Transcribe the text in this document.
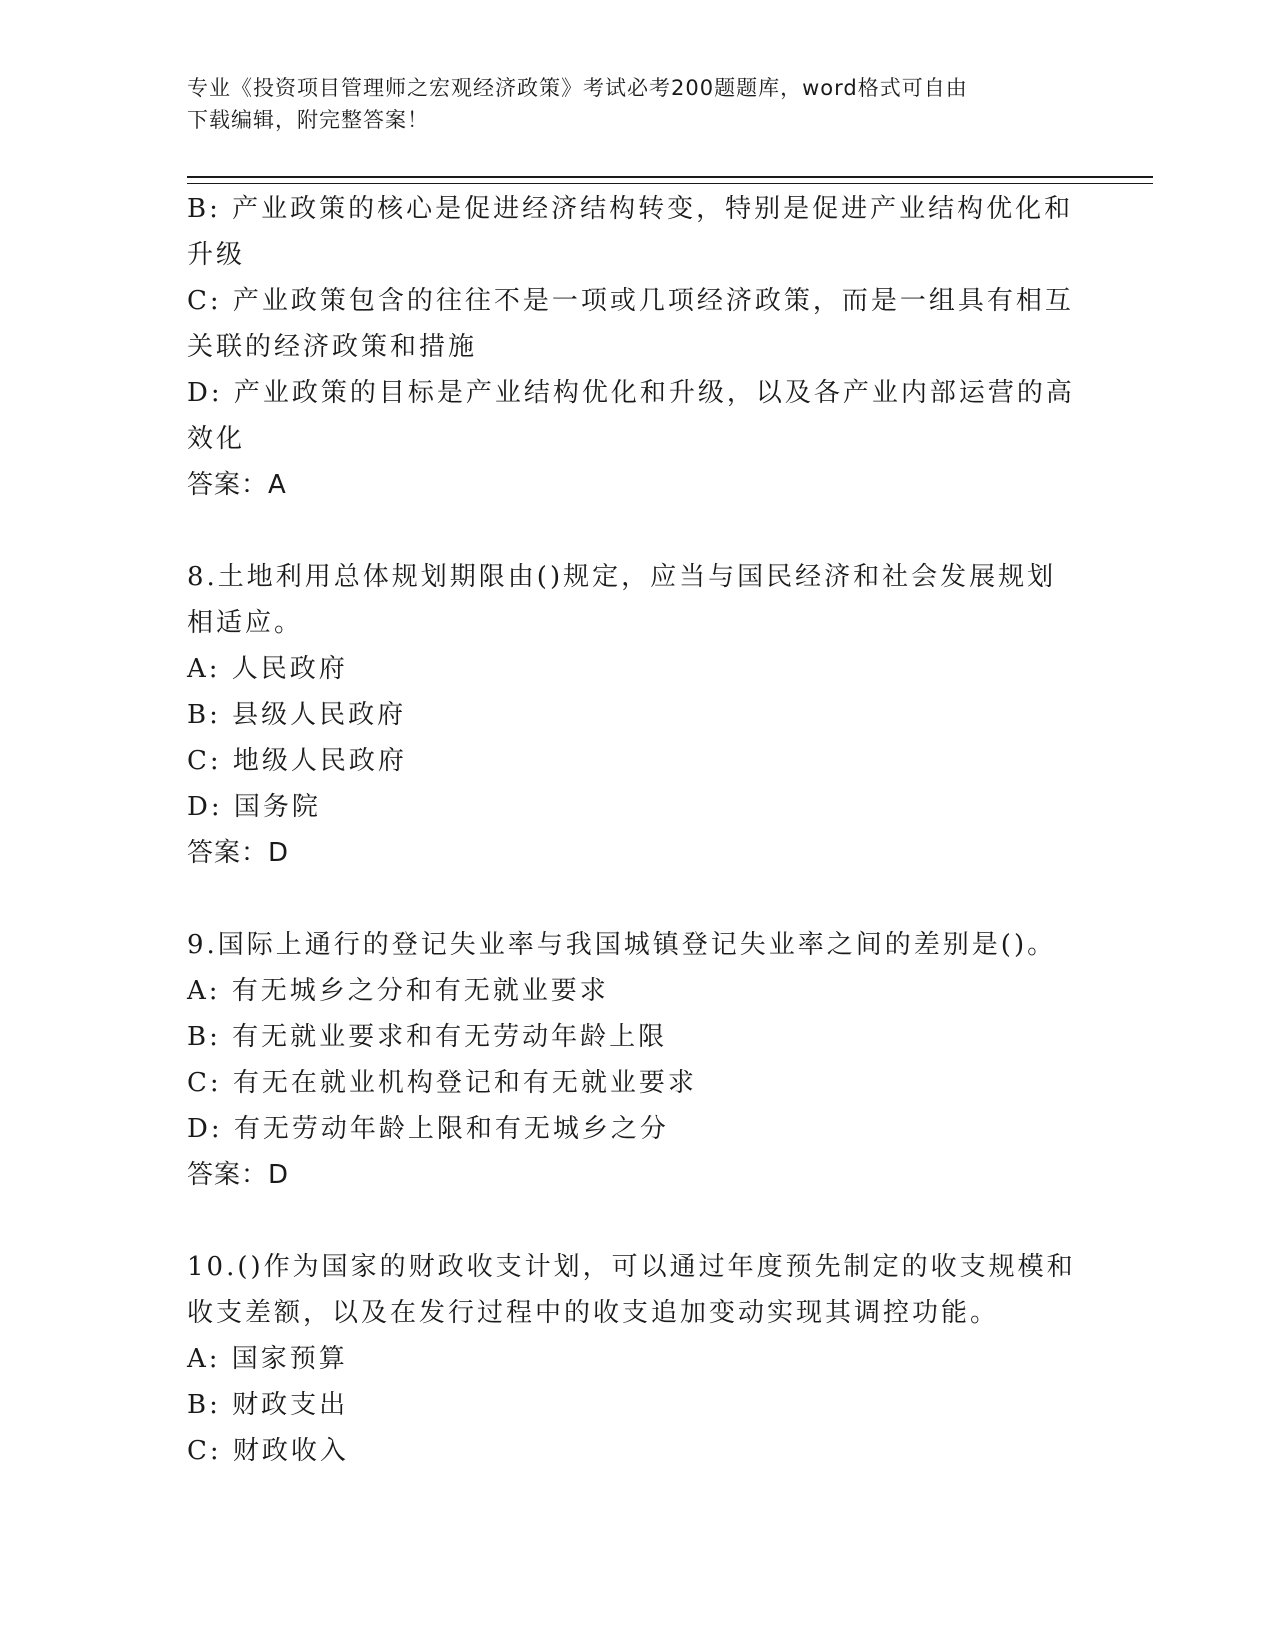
专业《投资项目管理师之宏观经济政策》考试必考200题题库，word格式可自由
下载编辑，附完整答案！
B: 产业政策的核心是促进经济结构转变，特别是促进产业结构优化和
升级
C: 产业政策包含的往往不是一项或几项经济政策，而是一组具有相互
关联的经济政策和措施
D: 产业政策的目标是产业结构优化和升级，以及各产业内部运营的高
效化
答案：A
8.土地利用总体规划期限由()规定，应当与国民经济和社会发展规划
相适应。
A: 人民政府
B: 县级人民政府
C: 地级人民政府
D: 国务院
答案：D
9.国际上通行的登记失业率与我国城镇登记失业率之间的差别是()。
A: 有无城乡之分和有无就业要求
B: 有无就业要求和有无劳动年龄上限
C: 有无在就业机构登记和有无就业要求
D: 有无劳动年龄上限和有无城乡之分
答案：D
10.()作为国家的财政收支计划，可以通过年度预先制定的收支规模和
收支差额，以及在发行过程中的收支追加变动实现其调控功能。
A: 国家预算
B: 财政支出
C: 财政收入
